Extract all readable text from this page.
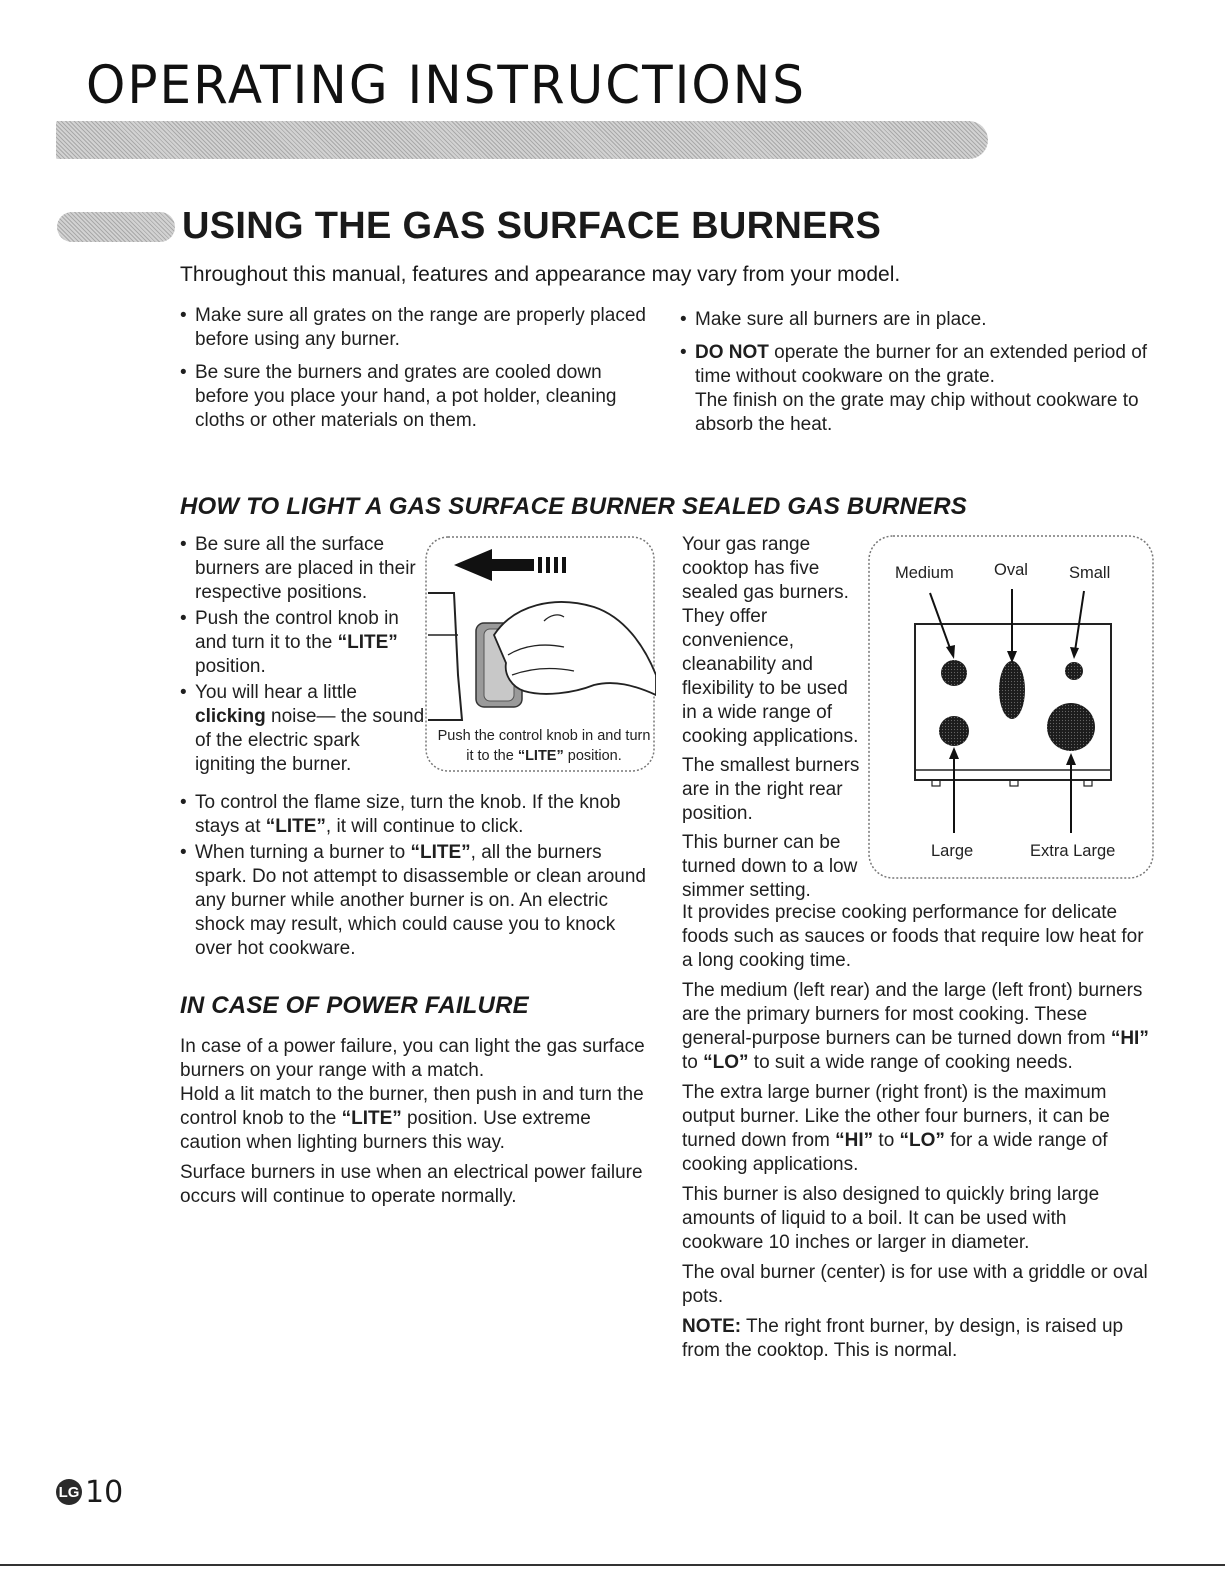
OPERATING INSTRUCTIONS
USING THE GAS SURFACE BURNERS
Throughout this manual, features and appearance may vary from your model.
• Make sure all grates on the range are properly placed before using any burner.
• Be sure the burners and grates are cooled down before you place your hand, a pot holder, cleaning cloths or other materials on them.
• Make sure all burners are in place.
• DO NOT operate the burner for an extended period of time without cookware on the grate.
The finish on the grate may chip without cookware to absorb the heat.
HOW TO LIGHT A GAS SURFACE BURNER
• Be sure all the surface burners are placed in their respective positions.
• Push the control knob in and turn it to the “LITE” position.
• You will hear a little clicking noise— the sound of the electric spark igniting the burner.
Push the control knob in and turn it to the “LITE” position.
• To control the flame size, turn the knob. If the knob stays at “LITE”, it will continue to click.
• When turning a burner to “LITE”, all the burners spark. Do not attempt to disassemble or clean around any burner while another burner is on. An electric shock may result, which could cause you to knock over hot cookware.
IN CASE OF POWER FAILURE
In case of a power failure, you can light the gas surface burners on your range with a match.
Hold a lit match to the burner, then push in and turn the control knob to the “LITE” position. Use extreme caution when lighting burners this way.
Surface burners in use when an electrical power failure occurs will continue to operate normally.
SEALED GAS BURNERS
Your gas range
cooktop has five
sealed gas burners.
They offer
convenience,
cleanability and
flexibility to be used
in a wide range of
cooking applications.
The smallest burners
are in the right rear
position.
This burner can be
turned down to a low
simmer setting.
Medium Oval Small
Large	Extra Large
It provides precise cooking performance for delicate foods such as sauces or foods that require low heat for a long cooking time.
The medium (left rear) and the large (left front) burners are the primary burners for most cooking. These general-purpose burners can be turned down from “HI” to “LO” to suit a wide range of cooking needs.
The extra large burner (right front) is the maximum output burner. Like the other four burners, it can be turned down from “HI” to “LO” for a wide range of cooking applications.
This burner is also designed to quickly bring large amounts of liquid to a boil. It can be used with cookware 10 inches or larger in diameter.
The oval burner (center) is for use with a griddle or oval pots.
NOTE: The right front burner, by design, is raised up from the cooktop. This is normal.
LG 10
